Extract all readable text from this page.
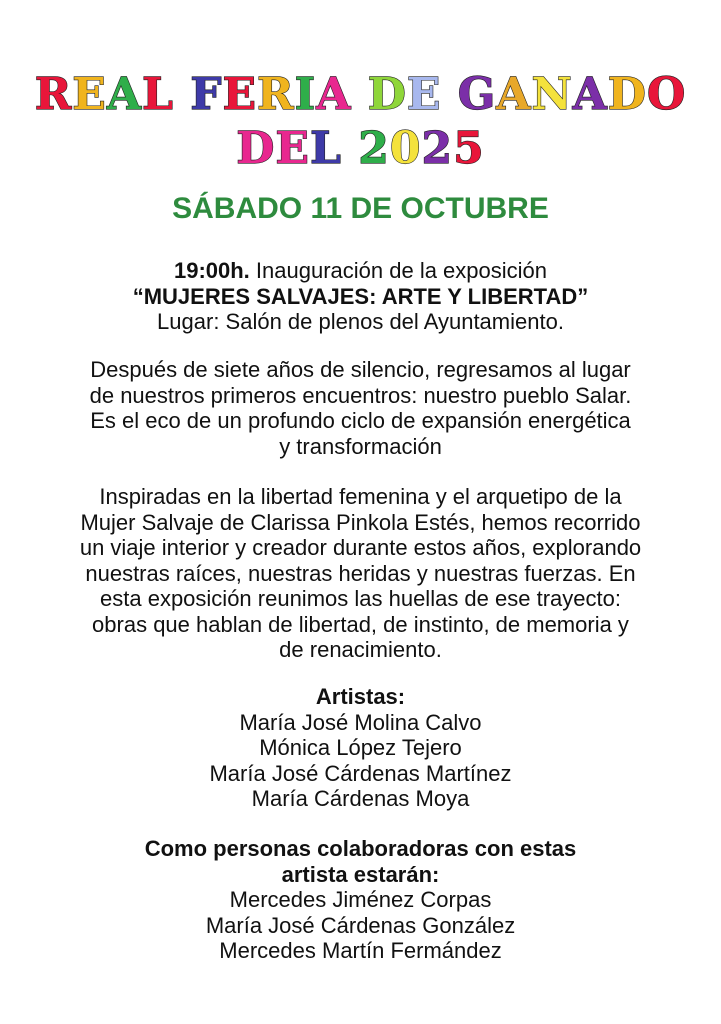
REAL FERIA DE GANADO
DEL 2025
SÁBADO 11 DE OCTUBRE
19:00h. Inauguración de la exposición
“MUJERES SALVAJES: ARTE Y LIBERTAD”
Lugar: Salón de plenos del Ayuntamiento.
Después de siete años de silencio, regresamos al lugar
de nuestros primeros encuentros: nuestro pueblo Salar.
Es el eco de un profundo ciclo de expansión energética
y transformación
Inspiradas en la libertad femenina y el arquetipo de la
Mujer Salvaje de Clarissa Pinkola Estés, hemos recorrido
un viaje interior y creador durante estos años, explorando
nuestras raíces, nuestras heridas y nuestras fuerzas. En
esta exposición reunimos las huellas de ese trayecto:
obras que hablan de libertad, de instinto, de memoria y
de renacimiento.
Artistas:
María José Molina Calvo
Mónica López Tejero
María José Cárdenas Martínez
María Cárdenas Moya
Como personas colaboradoras con estas
artista estarán:
Mercedes Jiménez Corpas
María José Cárdenas González
Mercedes Martín Fermández
